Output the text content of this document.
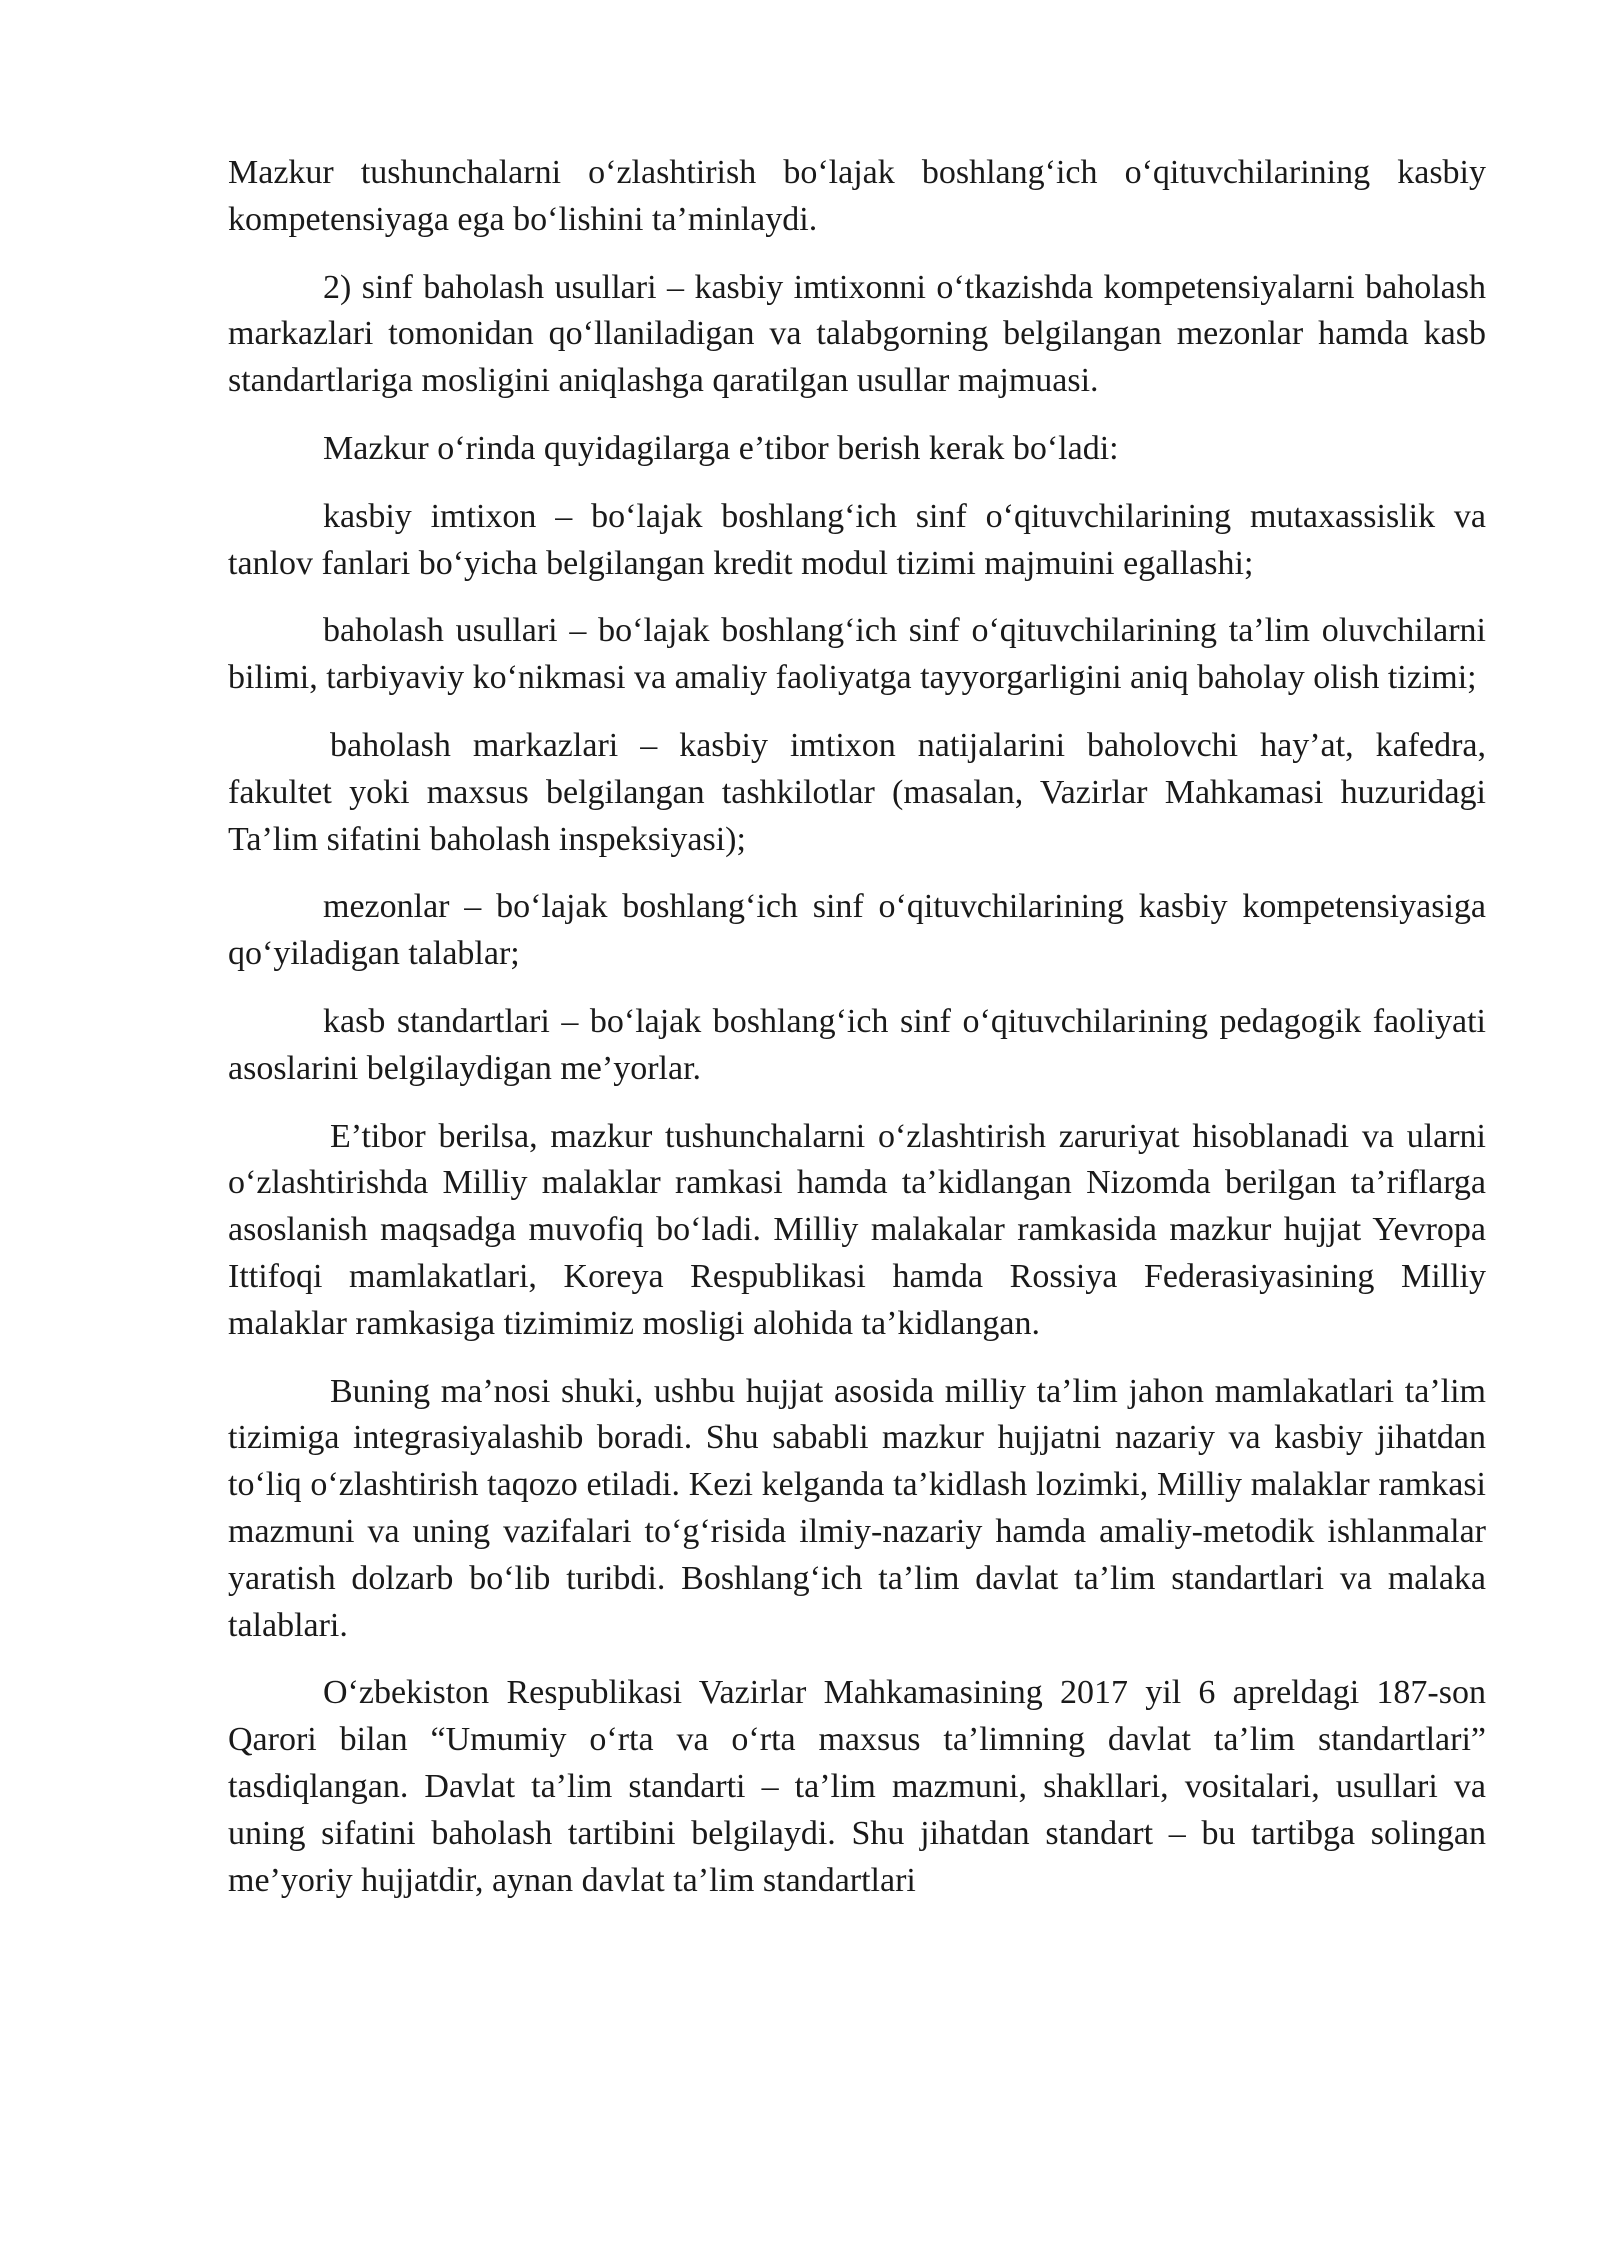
Mazkur tushunchalarni o‘zlashtirish bo‘lajak boshlang‘ich o‘qituvchilarining kasbiy kompetensiyaga ega bo‘lishini ta’minlaydi.

2) sinf baholash usullari – kasbiy imtixonni o‘tkazishda kompetensiyalarni baholash markazlari tomonidan qo‘llaniladigan va talabgorning belgilangan mezonlar hamda kasb standartlariga mosligini aniqlashga qaratilgan usullar majmuasi.

Mazkur o‘rinda quyidagilarga e’tibor berish kerak bo‘ladi:

kasbiy imtixon – bo‘lajak boshlang‘ich sinf o‘qituvchilarining mutaxassislik va tanlov fanlari bo‘yicha belgilangan kredit modul tizimi majmuini egallashi;

baholash usullari – bo‘lajak boshlang‘ich sinf o‘qituvchilarining ta’lim oluvchilarni bilimi, tarbiyaviy ko‘nikmasi va amaliy faoliyatga tayyorgarligini aniq baholay olish tizimi;

baholash markazlari – kasbiy imtixon natijalarini baholovchi hay’at, kafedra, fakultet yoki maxsus belgilangan tashkilotlar (masalan, Vazirlar Mahkamasi huzuridagi Ta’lim sifatini baholash inspeksiyasi);

mezonlar – bo‘lajak boshlang‘ich sinf o‘qituvchilarining kasbiy kompetensiyasiga qo‘yiladigan talablar;

kasb standartlari – bo‘lajak boshlang‘ich sinf o‘qituvchilarining pedagogik faoliyati asoslarini belgilaydigan me’yorlar.

E’tibor berilsa, mazkur tushunchalarni o‘zlashtirish zaruriyat hisoblanadi va ularni o‘zlashtirishda Milliy malaklar ramkasi hamda ta’kidlangan Nizomda berilgan ta’riflarga asoslanish maqsadga muvofiq bo‘ladi. Milliy malakalar ramkasida mazkur hujjat Yevropa Ittifoqi mamlakatlari, Koreya Respublikasi hamda Rossiya Federasiyasining Milliy malaklar ramkasiga tizimimiz mosligi alohida ta’kidlangan.

Buning ma’nosi shuki, ushbu hujjat asosida milliy ta’lim jahon mamlakatlari ta’lim tizimiga integrasiyalashib boradi. Shu sababli mazkur hujjatni nazariy va kasbiy jihatdan to‘liq o‘zlashtirish taqozo etiladi. Kezi kelganda ta’kidlash lozimki, Milliy malaklar ramkasi mazmuni va uning vazifalari to‘g‘risida ilmiy-nazariy hamda amaliy-metodik ishlanmalar yaratish dolzarb bo‘lib turibdi. Boshlang‘ich ta’lim davlat ta’lim standartlari va malaka talablari.

O‘zbekiston Respublikasi Vazirlar Mahkamasining 2017 yil 6 apreldagi 187-son Qarori bilan “Umumiy o‘rta va o‘rta maxsus ta’limning davlat ta’lim standartlari” tasdiqlangan. Davlat ta’lim standarti – ta’lim mazmuni, shakllari, vositalari, usullari va uning sifatini baholash tartibini belgilaydi. Shu jihatdan standart – bu tartibga solingan me’yoriy hujjatdir, aynan davlat ta’lim standartlari
